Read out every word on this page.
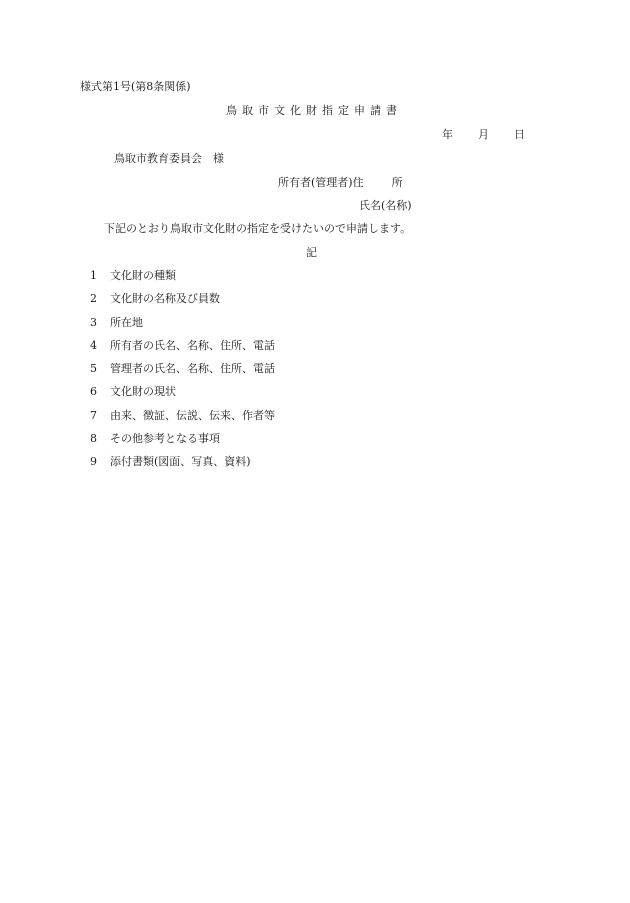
様式第1号(第8条関係)
鳥取市文化財指定申請書
年 月 日
鳥取市教育委員会　様
所有者(管理者)住	所
氏名(名称)
下記のとおり鳥取市文化財の指定を受けたいので申請します。
記
1 文化財の種類
2 文化財の名称及び員数
3 所在地
4 所有者の氏名、名称、住所、電話
5 管理者の氏名、名称、住所、電話
6 文化財の現状
7 由来、徴証、伝説、伝来、作者等
8 その他参考となる事項
9 添付書類(図面、写真、資料)
